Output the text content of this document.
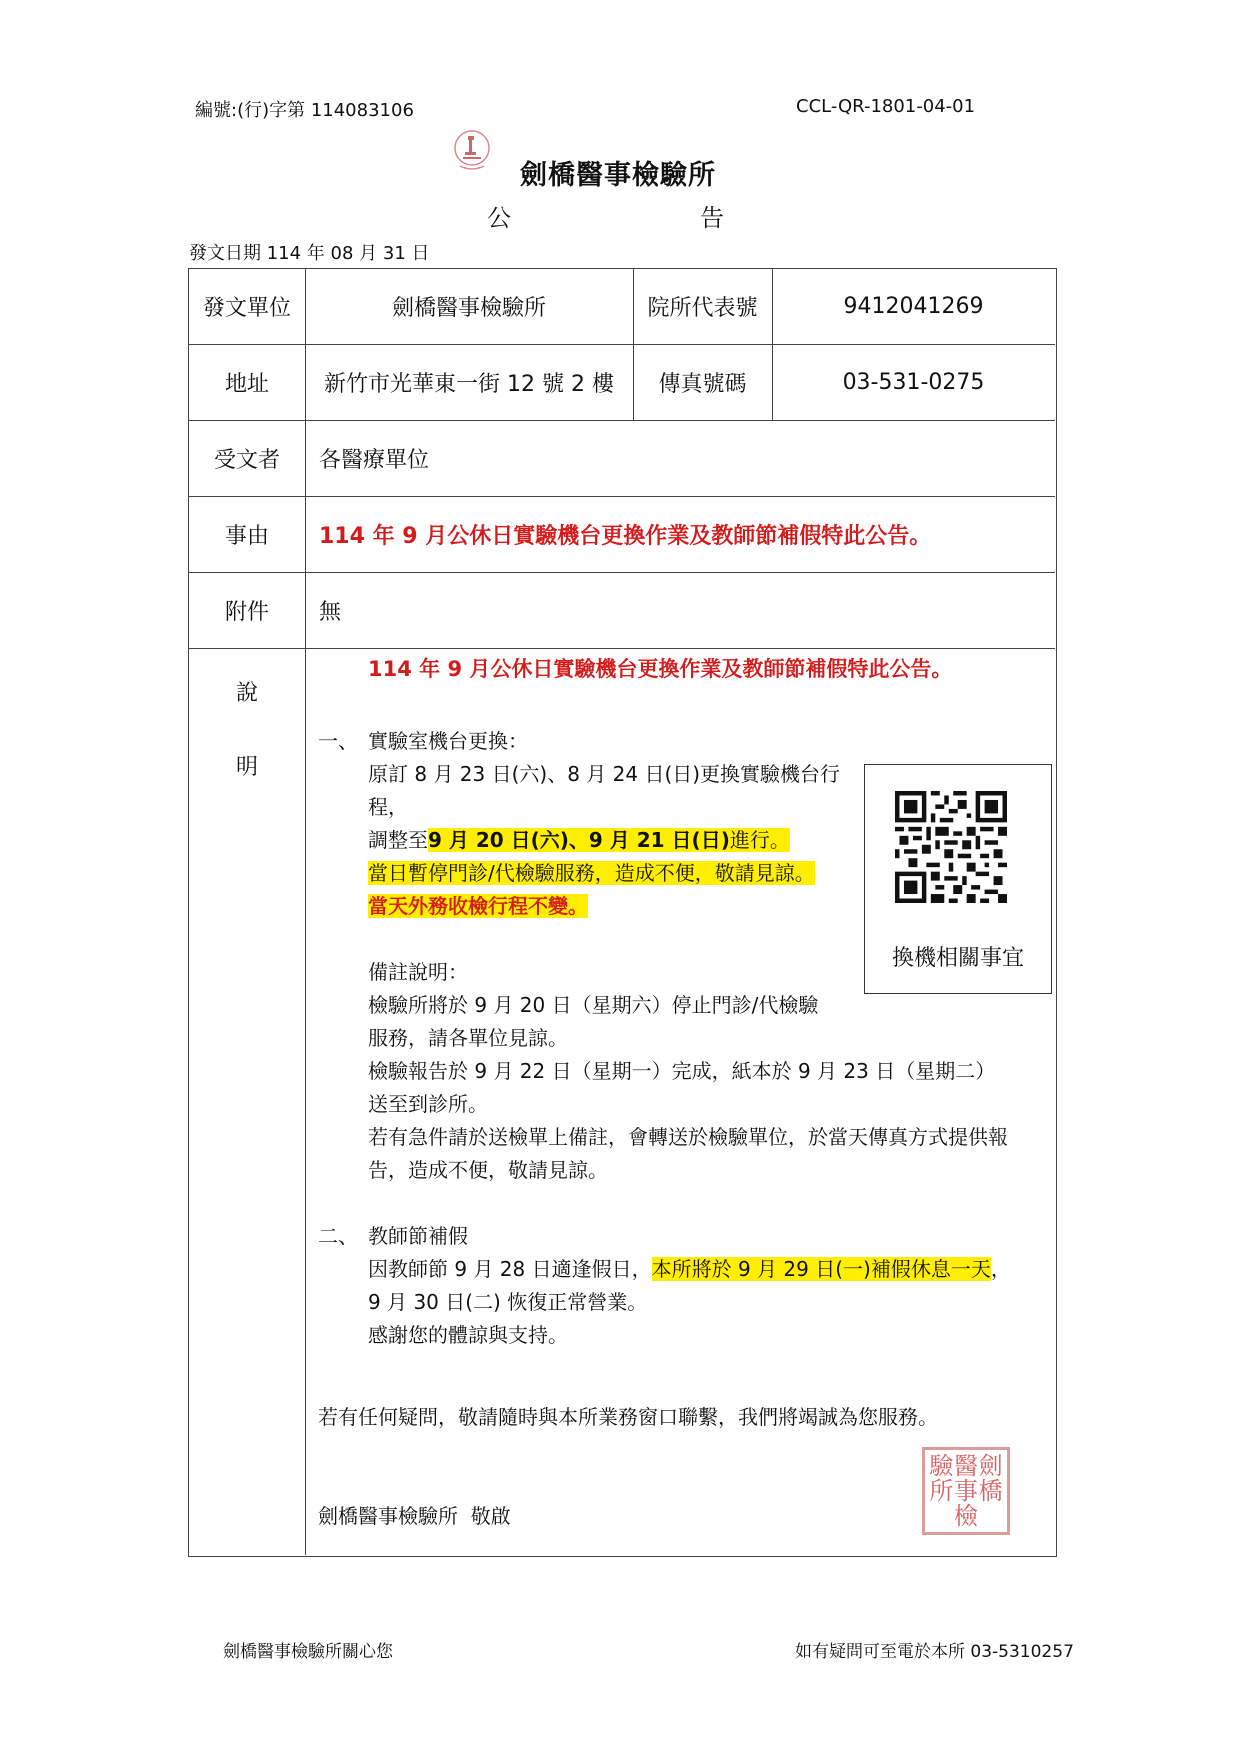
編號:(行)字第 114083106	CCL-QR-1801-04-01
劍橋醫事檢驗所
公	告
發文日期 114 年 08 月 31 日
發文單位	劍橋醫事檢驗所	院所代表號	9412041269
地址	新竹市光華東一街 12 號 2 樓	傳真號碼	03-531-0275
受文者	各醫療單位
事由	114 年 9 月公休日實驗機台更換作業及教師節補假特此公告。
附件	無
說
明
114 年 9 月公休日實驗機台更換作業及教師節補假特此公告。
一、 實驗室機台更換：
原訂 8 月 23 日(六)、8 月 24 日(日)更換實驗機台行
程，
調整至9 月 20 日(六)、9 月 21 日(日)進行。
當日暫停門診/代檢驗服務，造成不便，敬請見諒。
當天外務收檢行程不變。
備註說明：
檢驗所將於 9 月 20 日（星期六）停止門診/代檢驗
服務，請各單位見諒。
檢驗報告於 9 月 22 日（星期一）完成，紙本於 9 月 23 日（星期二）
送至到診所。
若有急件請於送檢單上備註，會轉送於檢驗單位，於當天傳真方式提供報
告，造成不便，敬請見諒。
二、 教師節補假
因教師節 9 月 28 日適逢假日，本所將於 9 月 29 日(一)補假休息一天，
9 月 30 日(二) 恢復正常營業。
感謝您的體諒與支持。
若有任何疑問，敬請隨時與本所業務窗口聯繫，我們將竭誠為您服務。
劍橋醫事檢驗所  敬啟
換機相關事宜
驗 醫 劍
所 事 橋
檢
劍橋醫事檢驗所關心您	如有疑問可至電於本所 03-5310257
